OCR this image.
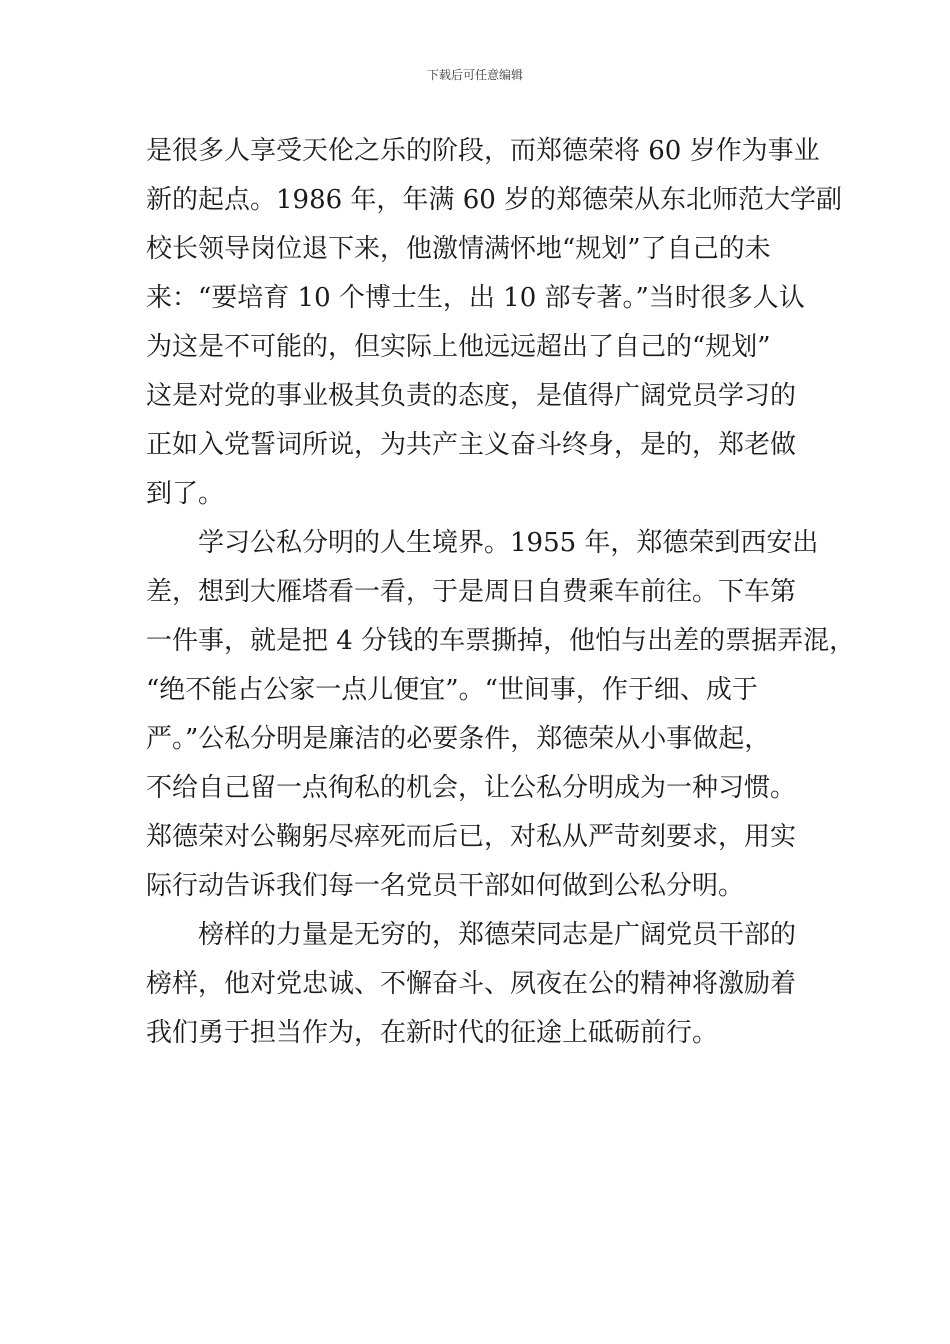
下载后可任意编辑
是很多人享受天伦之乐的阶段，而郑德荣将 60 岁作为事业
新的起点。1986 年，年满 60 岁的郑德荣从东北师范大学副
校长领导岗位退下来，他激情满怀地“规划”了自己的未
来：“要培育 10 个博士生，出 10 部专著。”当时很多人认
为这是不可能的，但实际上他远远超出了自己的“规划”
这是对党的事业极其负责的态度，是值得广阔党员学习的
正如入党誓词所说，为共产主义奋斗终身，是的，郑老做
到了。
学习公私分明的人生境界。1955 年，郑德荣到西安出
差，想到大雁塔看一看，于是周日自费乘车前往。下车第
一件事，就是把 4 分钱的车票撕掉，他怕与出差的票据弄混，
“绝不能占公家一点儿便宜”。“世间事，作于细、成于
严。”公私分明是廉洁的必要条件，郑德荣从小事做起，
不给自己留一点徇私的机会，让公私分明成为一种习惯。
郑德荣对公鞠躬尽瘁死而后已，对私从严苛刻要求，用实
际行动告诉我们每一名党员干部如何做到公私分明。
榜样的力量是无穷的，郑德荣同志是广阔党员干部的
榜样，他对党忠诚、不懈奋斗、夙夜在公的精神将激励着
我们勇于担当作为，在新时代的征途上砥砺前行。
